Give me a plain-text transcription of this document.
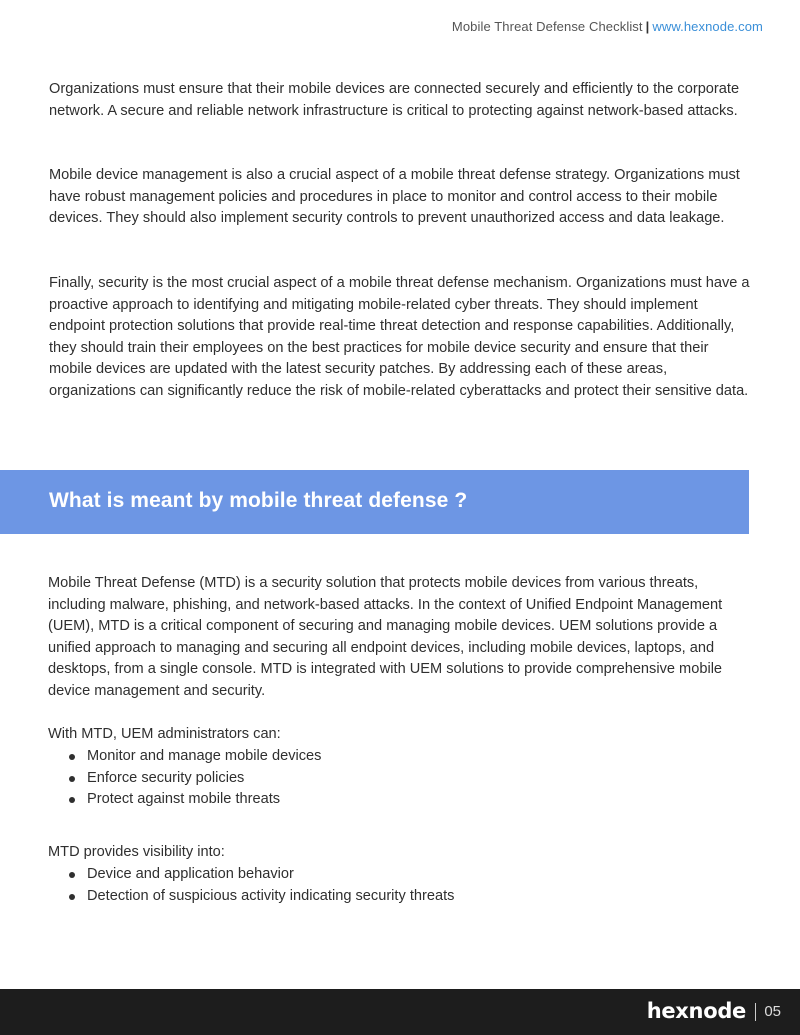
Mobile Threat Defense Checklist | www.hexnode.com

Organizations must ensure that their mobile devices are connected securely and efficiently to the corporate network. A secure and reliable network infrastructure is critical to protecting against network-based attacks.

Mobile device management is also a crucial aspect of a mobile threat defense strategy. Organizations must have robust management policies and procedures in place to monitor and control access to their mobile devices. They should also implement security controls to prevent unauthorized access and data leakage.

Finally, security is the most crucial aspect of a mobile threat defense mechanism. Organizations must have a proactive approach to identifying and mitigating mobile-related cyber threats. They should implement endpoint protection solutions that provide real-time threat detection and response capabilities. Additionally, they should train their employees on the best practices for mobile device security and ensure that their mobile devices are updated with the latest security patches. By addressing each of these areas, organizations can significantly reduce the risk of mobile-related cyberattacks and protect their sensitive data.

What is meant by mobile threat defense ?

Mobile Threat Defense (MTD) is a security solution that protects mobile devices from various threats, including malware, phishing, and network-based attacks. In the context of Unified Endpoint Management (UEM), MTD is a critical component of securing and managing mobile devices. UEM solutions provide a unified approach to managing and securing all endpoint devices, including mobile devices, laptops, and desktops, from a single console. MTD is integrated with UEM solutions to provide comprehensive mobile device management and security.

With MTD, UEM administrators can:

Monitor and manage mobile devices
Enforce security policies
Protect against mobile threats

MTD provides visibility into:

Device and application behavior
Detection of suspicious activity indicating security threats
hexnode 05
